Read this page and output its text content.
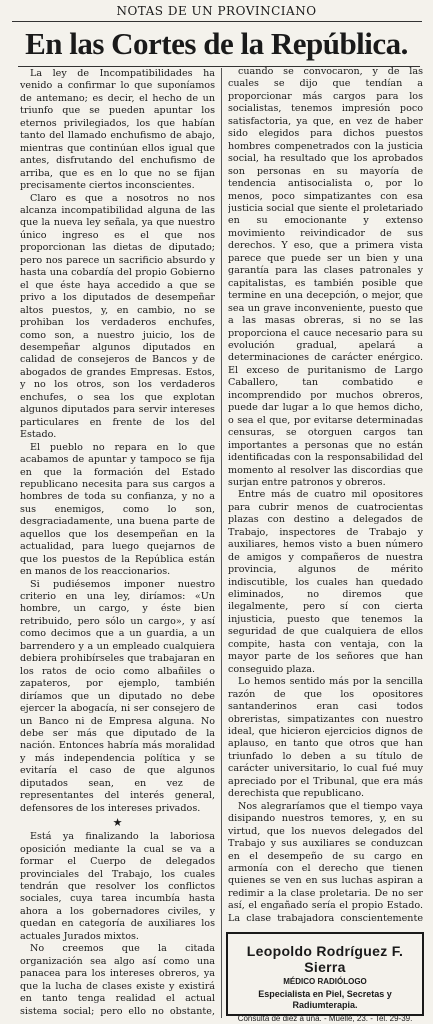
NOTAS DE UN PROVINCIANO
En las Cortes de la República.

La ley de Incompatibilidades ha venido a confirmar lo que suponíamos de antemano; es decir, el hecho de un triunfo que se pueden apuntar los eternos privilegiados, los que habían tanto del llamado enchufismo de abajo, mientras que continúan ellos igual que antes, disfrutando del enchufismo de arriba, que es en lo que no se fijan precisamente ciertos inconscientes.

Claro es que a nosotros no nos alcanza incompatibilidad alguna de las que la nueva ley señala, ya que nuestro único ingreso es el que nos proporcionan las dietas de diputado; pero nos parece un sacrificio absurdo y hasta una cobardía del propio Gobierno el que éste haya accedido a que se privo a los diputados de desempeñar altos puestos, y, en cambio, no se prohiban los verdaderos enchufes, como son, a nuestro juicio, los de desempeñar algunos diputados en calidad de consejeros de Bancos y de abogados de grandes Empresas. Estos, y no los otros, son los verdaderos enchufes, o sea los que explotan algunos diputados para servir intereses particulares en frente de los del Estado.

El pueblo no repara en lo que acabamos de apuntar y tampoco se fija en que la formación del Estado republicano necesita para sus cargos a hombres de toda su confianza, y no a sus enemigos, como lo son, desgraciadamente, una buena parte de aquellos que los desempeñan en la actualidad, para luego quejarnos de que los puestos de la República están en manos de los reaccionarios.

Si pudiésemos imponer nuestro criterio en una ley, diríamos: «Un hombre, un cargo, y éste bien retribuido, pero sólo un cargo», y así como decimos que a un guardia, a un barrendero y a un empleado cualquiera debiera prohibírseles que trabajaran en los ratos de ocio como albañiles o zapateros, por ejemplo, también diríamos que un diputado no debe ejercer la abogacía, ni ser consejero de un Banco ni de Empresa alguna. No debe ser más que diputado de la nación. Entonces habría más moralidad y más independencia política y se evitaría el caso de que algunos diputados sean, en vez de representantes del interés general, defensores de los intereses privados.

★

Está ya finalizando la laboriosa oposición mediante la cual se va a formar el Cuerpo de delegados provinciales del Trabajo, los cuales tendrán que resolver los conflictos sociales, cuya tarea incumbía hasta ahora a los gobernadores civiles, y quedan en categoría de auxiliares los actuales Jurados mixtos.

No creemos que la citada organización sea algo así como una panacea para los intereses obreros, ya que la lucha de clases existe y existirá en tanto tenga realidad el actual sistema social; pero ello no obstante,

cuando se convocaron, y de las cuales se dijo que tendían a proporcionar más cargos para los socialistas, tenemos impresión poco satisfactoria, ya que, en vez de haber sido elegidos para dichos puestos hombres compenetrados con la justicia social, ha resultado que los aprobados son personas en su mayoría de tendencia antisocialista o, por lo menos, poco simpatizantes con esa justicia social que siente el proletariado en su emocionante y extenso movimiento reivindicador de sus derechos. Y eso, que a primera vista parece que puede ser un bien y una garantía para las clases patronales y capitalistas, es también posible que termine en una decepción, o mejor, que sea un grave inconveniente, puesto que a las masas obreras, si no se las proporciona el cauce necesario para su evolución gradual, apelará a determinaciones de carácter enérgico. El exceso de puritanismo de Largo Caballero, tan combatido e incomprendido por muchos obreros, puede dar lugar a lo que hemos dicho, o sea el que, por evitarse determinadas censuras, se otorguen cargos tan importantes a personas que no están identificadas con la responsabilidad del momento al resolver las discordias que surjan entre patronos y obreros.

Entre más de cuatro mil opositores para cubrir menos de cuatrocientas plazas con destino a delegados de Trabajo, inspectores de Trabajo y auxiliares, hemos visto a buen número de amigos y compañeros de nuestra provincia, algunos de mérito indiscutible, los cuales han quedado eliminados, no diremos que ilegalmente, pero sí con cierta injusticia, puesto que tenemos la seguridad de que cualquiera de ellos compite, hasta con ventaja, con la mayor parte de los señores que han conseguido plaza.

Lo hemos sentido más por la sencilla razón de que los opositores santanderinos eran casi todos obreristas, simpatizantes con nuestro ideal, que hicieron ejercicios dignos de aplauso, en tanto que otros que han triunfado lo deben a su título de carácter universitario, lo cual fué muy apreciado por el Tribunal, que era más derechista que republicano.

Nos alegraríamos que el tiempo vaya disipando nuestros temores, y, en su virtud, que los nuevos delegados del Trabajo y sus auxiliares se conduzcan en el desempeño de su cargo en armonía con el derecho que tienen quienes se ven en sus luchas aspiran a redimir a la clase proletaria. De no ser así, el engañado sería el propio Estado. La clase trabajadora conscientemente

Leopoldo Rodríguez F. Sierra
MÉDICO RADIÓLOGO
Especialista en Piel, Secretas y Radiumterapia.
Consulta de diez a una. - Muelle, 23. - Tel. 29-39.
